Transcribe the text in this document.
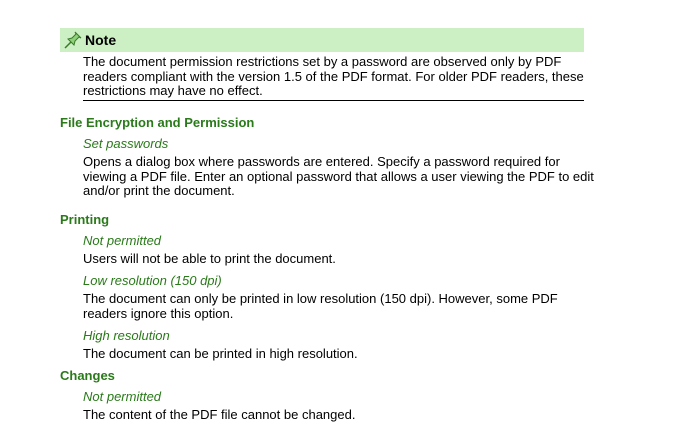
Note
The document permission restrictions set by a password are observed only by PDF readers compliant with the version 1.5 of the PDF format. For older PDF readers, these restrictions may have no effect.
File Encryption and Permission
Set passwords
Opens a dialog box where passwords are entered. Specify a password required for viewing a PDF file. Enter an optional password that allows a user viewing the PDF to edit and/or print the document.
Printing
Not permitted
Users will not be able to print the document.
Low resolution (150 dpi)
The document can only be printed in low resolution (150 dpi). However, some PDF readers ignore this option.
High resolution
The document can be printed in high resolution.
Changes
Not permitted
The content of the PDF file cannot be changed.
